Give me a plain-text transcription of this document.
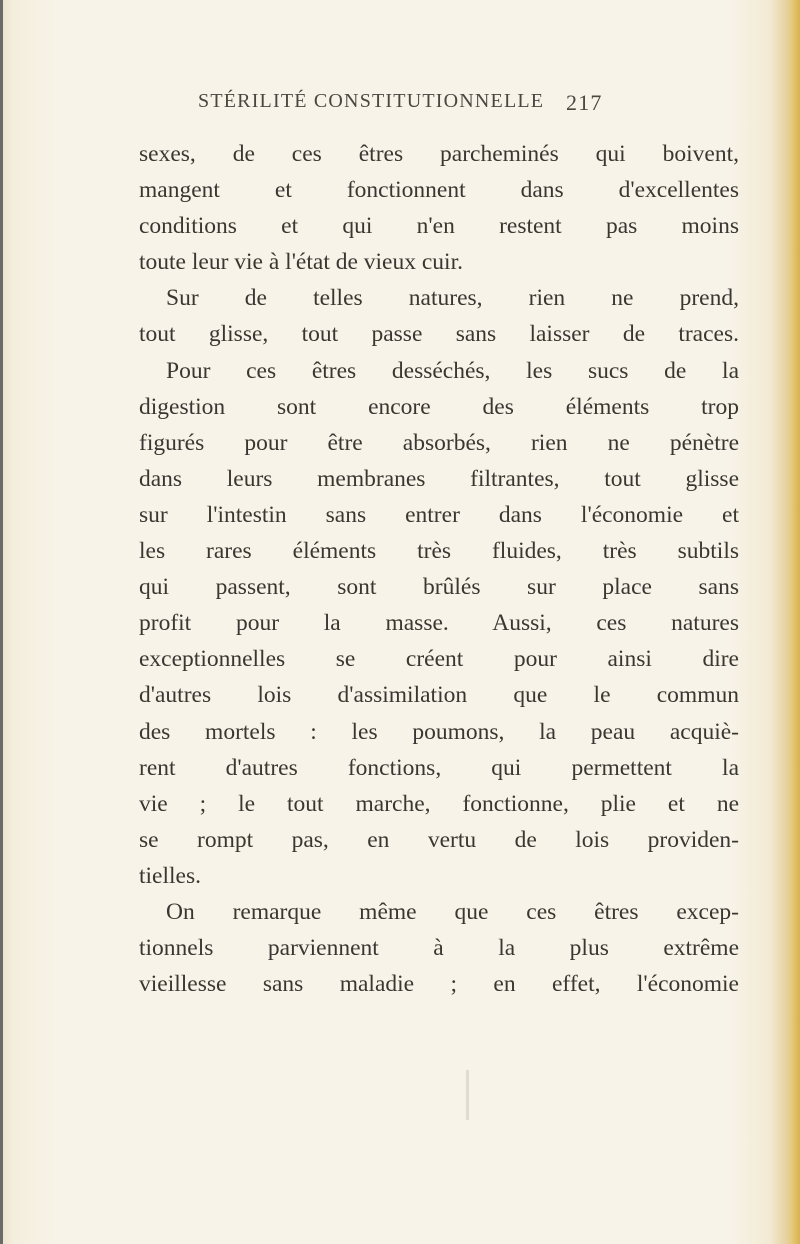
STÉRILITÉ CONSTITUTIONNELLE 217
sexes, de ces êtres parcheminés qui boivent,
mangent et fonctionnent dans d'excellentes
conditions et qui n'en restent pas moins
toute leur vie à l'état de vieux cuir.
Sur de telles natures, rien ne prend,
tout glisse, tout passe sans laisser de traces.
Pour ces êtres desséchés, les sucs de la
digestion sont encore des éléments trop
figurés pour être absorbés, rien ne pénètre
dans leurs membranes filtrantes, tout glisse
sur l'intestin sans entrer dans l'économie et
les rares éléments très fluides, très subtils
qui passent, sont brûlés sur place sans
profit pour la masse. Aussi, ces natures
exceptionnelles se créent pour ainsi dire
d'autres lois d'assimilation que le commun
des mortels : les poumons, la peau acquiè-
rent d'autres fonctions, qui permettent la
vie ; le tout marche, fonctionne, plie et ne
se rompt pas, en vertu de lois providen-
tielles.
On remarque même que ces êtres excep-
tionnels parviennent à la plus extrême
vieillesse sans maladie ; en effet, l'économie
